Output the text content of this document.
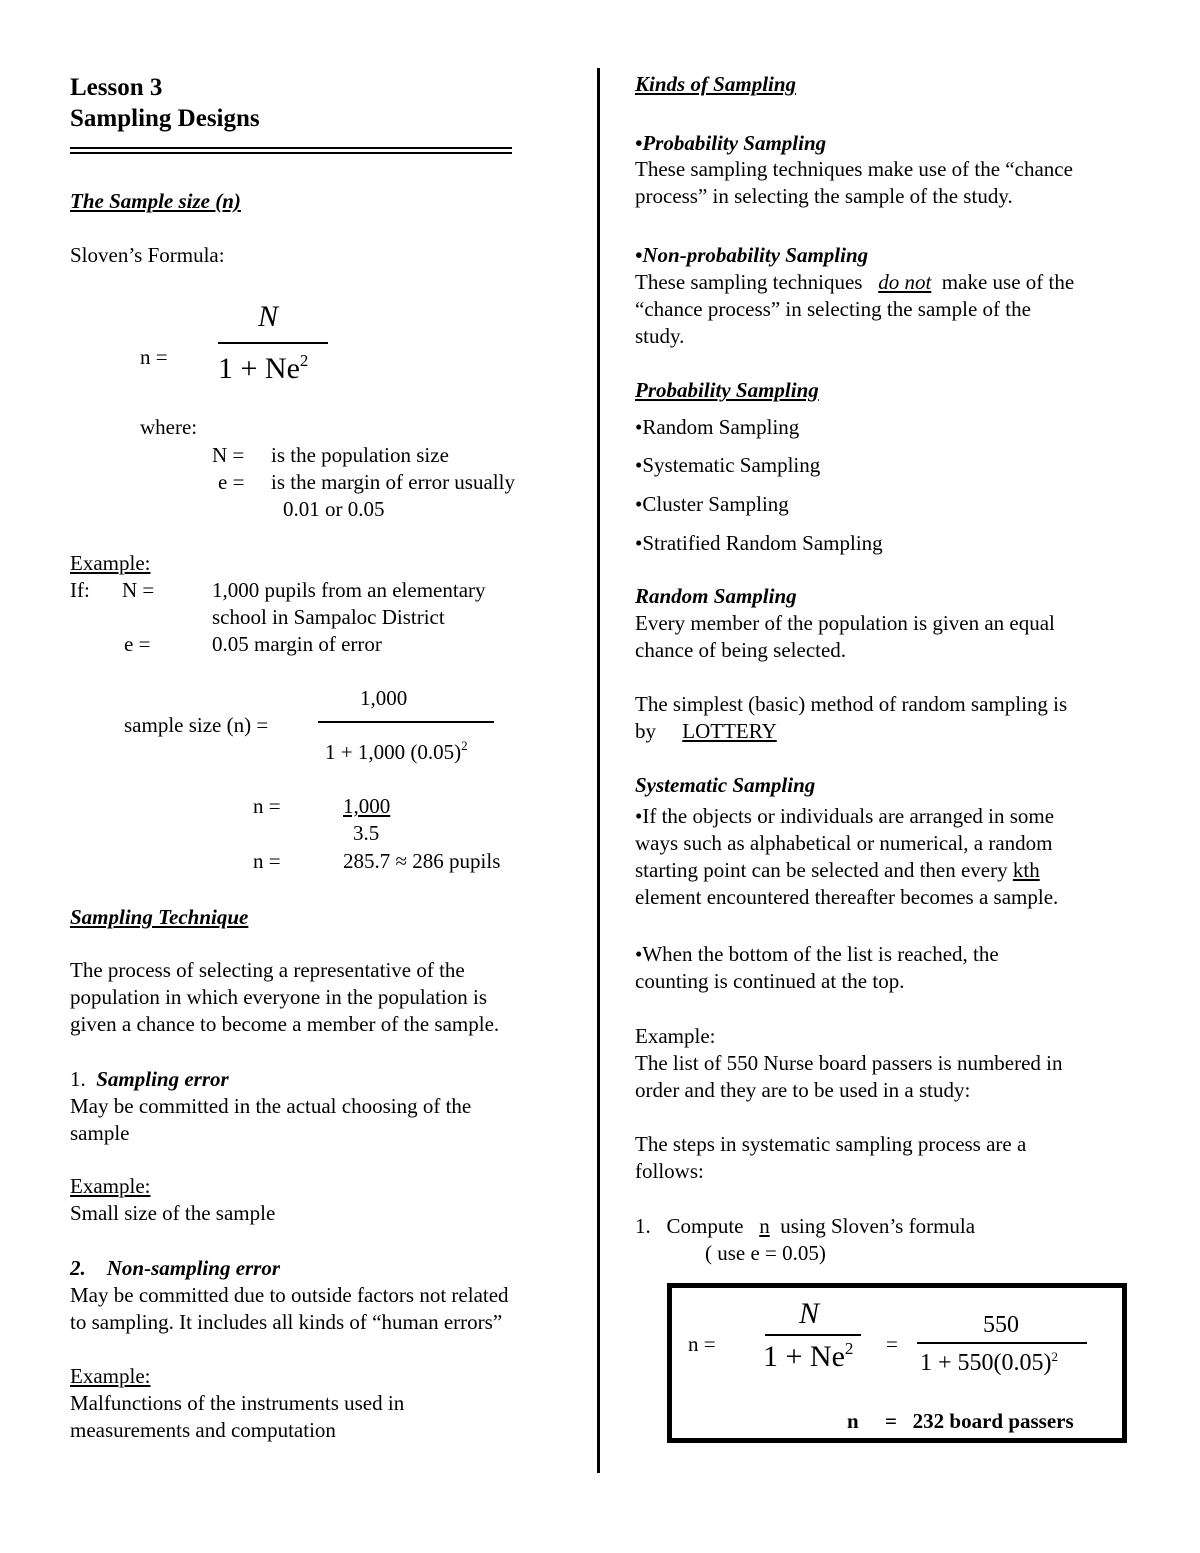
Lesson 3
Sampling Designs
The Sample size (n)
Sloven’s Formula:
n =
N
$1 + Ne^2$
where:
N = is the population size
e = is the margin of error usually
0.01 or 0.05
Example:
If: N =	1,000 pupils from an elementary
school in Sampaloc District
e =	0.05 margin of error
sample size (n) =
1,000
1 + 1,000 $(0.05)^2$
n =	1,000
3.5
n =	285.7 ≈ 286 pupils
Sampling Technique
The process of selecting a representative of the
population in which everyone in the population is
given a chance to become a member of the sample.
1. Sampling error
May be committed in the actual choosing of the
sample
Example:
Small size of the sample
2. Non-sampling error
May be committed due to outside factors not related
to sampling. It includes all kinds of “human errors”
Example:
Malfunctions of the instruments used in
measurements and computation
Kinds of Sampling
•Probability Sampling
These sampling techniques make use of the “chance
process” in selecting the sample of the study.
•Non-probability Sampling
These sampling techniques do not make use of the
“chance process” in selecting the sample of the
study.
Probability Sampling
•Random Sampling
•Systematic Sampling
•Cluster Sampling
•Stratified Random Sampling
Random Sampling
Every member of the population is given an equal
chance of being selected.
The simplest (basic) method of random sampling is
by LOTTERY
Systematic Sampling
•If the objects or individuals are arranged in some
ways such as alphabetical or numerical, a random
starting point can be selected and then every kth
element encountered thereafter becomes a sample.
•When the bottom of the list is reached, the
counting is continued at the top.
Example:
The list of 550 Nurse board passers is numbered in
order and they are to be used in a study:
The steps in systematic sampling process are a
follows:
1. Compute n using Sloven’s formula
( use e = 0.05)
n =
N
$1 + Ne^2$ =
550
$1 + 550(0.05)^2$
n = 232 board passers
